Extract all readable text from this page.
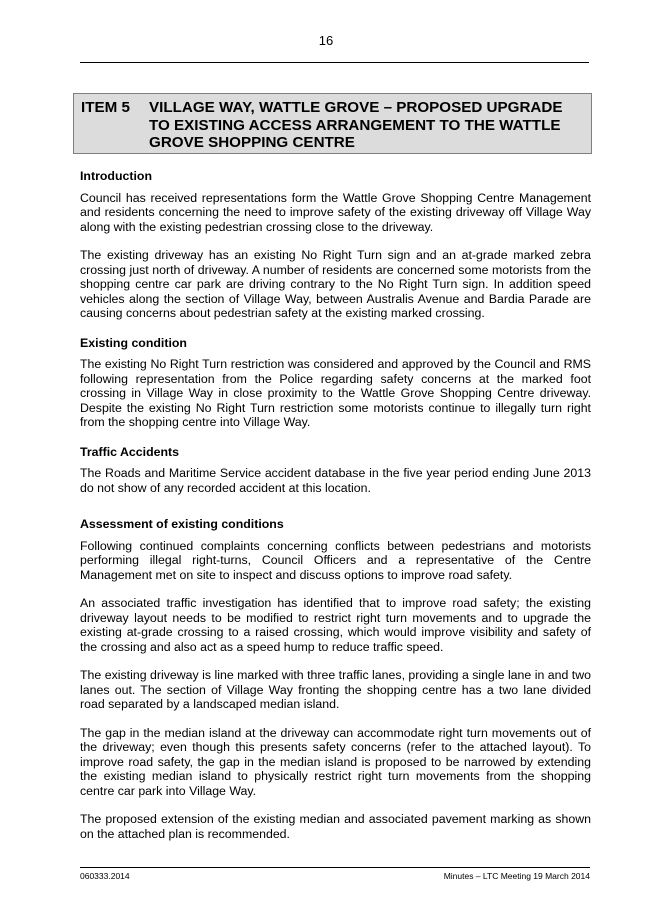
16
ITEM 5 VILLAGE WAY, WATTLE GROVE – PROPOSED UPGRADE TO EXISTING ACCESS ARRANGEMENT TO THE WATTLE GROVE SHOPPING CENTRE
Introduction

Council has received representations form the Wattle Grove Shopping Centre Management and residents concerning the need to improve safety of the existing driveway off Village Way along with the existing pedestrian crossing close to the driveway.

The existing driveway has an existing No Right Turn sign and an at-grade marked zebra crossing just north of driveway. A number of residents are concerned some motorists from the shopping centre car park are driving contrary to the No Right Turn sign. In addition speed vehicles along the section of Village Way, between Australis Avenue and Bardia Parade are causing concerns about pedestrian safety at the existing marked crossing.

Existing condition

The existing No Right Turn restriction was considered and approved by the Council and RMS following representation from the Police regarding safety concerns at the marked foot crossing in Village Way in close proximity to the Wattle Grove Shopping Centre driveway. Despite the existing No Right Turn restriction some motorists continue to illegally turn right from the shopping centre into Village Way.

Traffic Accidents

The Roads and Maritime Service accident database in the five year period ending June 2013 do not show of any recorded accident at this location.

Assessment of existing conditions

Following continued complaints concerning conflicts between pedestrians and motorists performing illegal right-turns, Council Officers and a representative of the Centre Management met on site to inspect and discuss options to improve road safety.

An associated traffic investigation has identified that to improve road safety; the existing driveway layout needs to be modified to restrict right turn movements and to upgrade the existing at-grade crossing to a raised crossing, which would improve visibility and safety of the crossing and also act as a speed hump to reduce traffic speed.

The existing driveway is line marked with three traffic lanes, providing a single lane in and two lanes out. The section of Village Way fronting the shopping centre has a two lane divided road separated by a landscaped median island.

The gap in the median island at the driveway can accommodate right turn movements out of the driveway; even though this presents safety concerns (refer to the attached layout). To improve road safety, the gap in the median island is proposed to be narrowed by extending the existing median island to physically restrict right turn movements from the shopping centre car park into Village Way.

The proposed extension of the existing median and associated pavement marking as shown on the attached plan is recommended.

060333.2014	Minutes – LTC Meeting 19 March 2014
